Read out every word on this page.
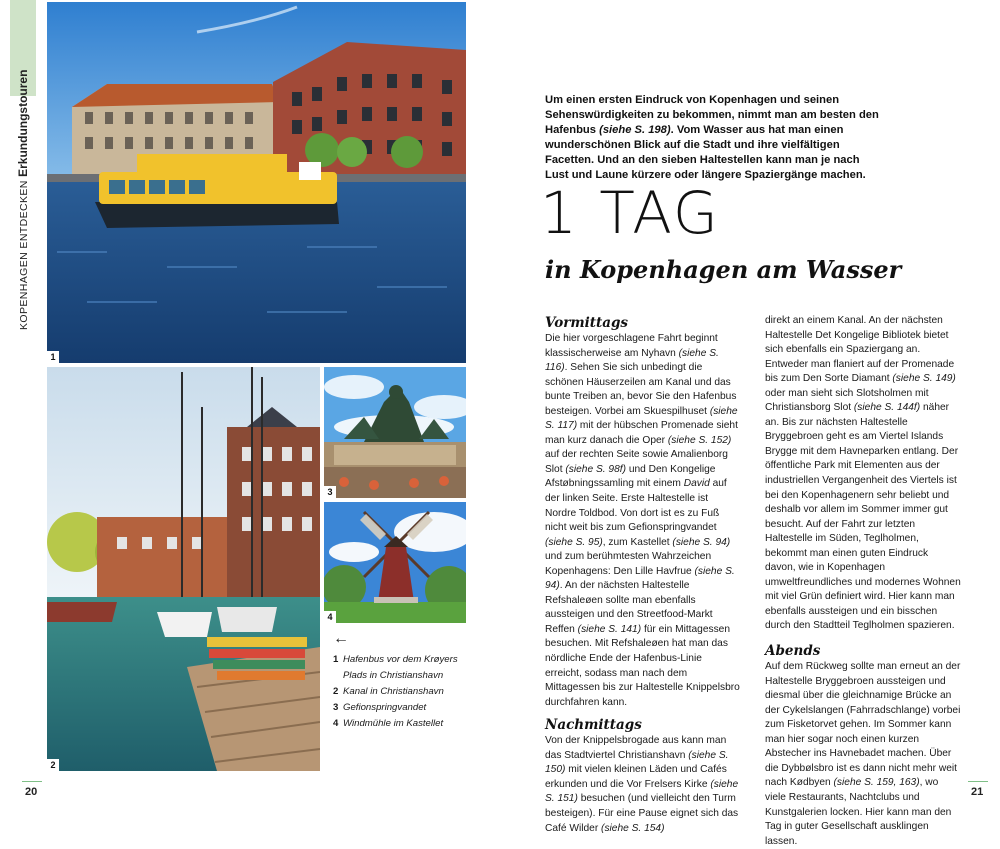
KOPENHAGEN ENTDECKEN Erkundungstouren
1
2
3
4
←
1 Hafenbus vor dem Krøyers Plads in Christianshavn
2 Kanal in Christianshavn
3 Gefionspringvandet
4 Windmühle im Kastellet
20	21
Um einen ersten Eindruck von Kopenhagen und seinen Sehenswürdigkeiten zu bekommen, nimmt man am besten den Hafenbus (siehe S. 198). Vom Wasser aus hat man einen wunderschönen Blick auf die Stadt und ihre vielfältigen Facetten. Und an den sieben Haltestellen kann man je nach Lust und Laune kürzere oder längere Spaziergänge machen.
1 TAG
in Kopenhagen am Wasser
Vormittags

Die hier vorgeschlagene Fahrt beginnt klassischerweise am Nyhavn (siehe S. 116). Sehen Sie sich unbedingt die schönen Häuserzeilen am Kanal und das bunte Treiben an, bevor Sie den Hafenbus besteigen. Vorbei am Skuespilhuset (siehe S. 117) mit der hübschen Promenade sieht man kurz danach die Oper (siehe S. 152) auf der rechten Seite sowie Amalienborg Slot (siehe S. 98f) und Den Kongelige Afstøbningssamling mit einem David auf der linken Seite. Erste Haltestelle ist Nordre Toldbod. Von dort ist es zu Fuß nicht weit bis zum Gefionspringvandet (siehe S. 95), zum Kastellet (siehe S. 94) und zum berühmtesten Wahrzeichen Kopenhagens: Den Lille Havfrue (siehe S. 94). An der nächsten Haltestelle Refshaleøen sollte man ebenfalls aussteigen und den Streetfood-Markt Reffen (siehe S. 141) für ein Mittagessen besuchen. Mit Refshaleøen hat man das nördliche Ende der Hafenbus-Linie erreicht, sodass man nach dem Mittagessen bis zur Haltestelle Knippelsbro durchfahren kann.

Nachmittags

Von der Knippelsbrogade aus kann man das Stadtviertel Christianshavn (siehe S. 150) mit vielen kleinen Läden und Cafés erkunden und die Vor Frelsers Kirke (siehe S. 151) besuchen (und vielleicht den Turm besteigen). Für eine Pause eignet sich das Café Wilder (siehe S. 154)

direkt an einem Kanal. An der nächsten Haltestelle Det Kongelige Bibliotek bietet sich ebenfalls ein Spaziergang an. Entweder man flaniert auf der Promenade bis zum Den Sorte Diamant (siehe S. 149) oder man sieht sich Slotsholmen mit Christiansborg Slot (siehe S. 144f) näher an. Bis zur nächsten Haltestelle Bryggebroen geht es am Viertel Islands Brygge mit dem Havneparken entlang. Der öffentliche Park mit Elementen aus der industriellen Vergangenheit des Viertels ist bei den Kopenhagenern sehr beliebt und deshalb vor allem im Sommer immer gut besucht. Auf der Fahrt zur letzten Haltestelle im Süden, Teglholmen, bekommt man einen guten Eindruck davon, wie in Kopenhagen umweltfreundliches und modernes Wohnen mit viel Grün definiert wird. Hier kann man ebenfalls aussteigen und ein bisschen durch den Stadtteil Teglholmen spazieren.

Abends

Auf dem Rückweg sollte man erneut an der Haltestelle Bryggebroen aussteigen und diesmal über die gleichnamige Brücke an der Cykelslangen (Fahrradschlange) vorbei zum Fisketorvet gehen. Im Sommer kann man hier sogar noch einen kurzen Abstecher ins Havnebadet machen. Über die Dybbølsbro ist es dann nicht mehr weit nach Kødbyen (siehe S. 159, 163), wo viele Restaurants, Nachtclubs und Kunstgalerien locken. Hier kann man den Tag in guter Gesellschaft ausklingen lassen.
